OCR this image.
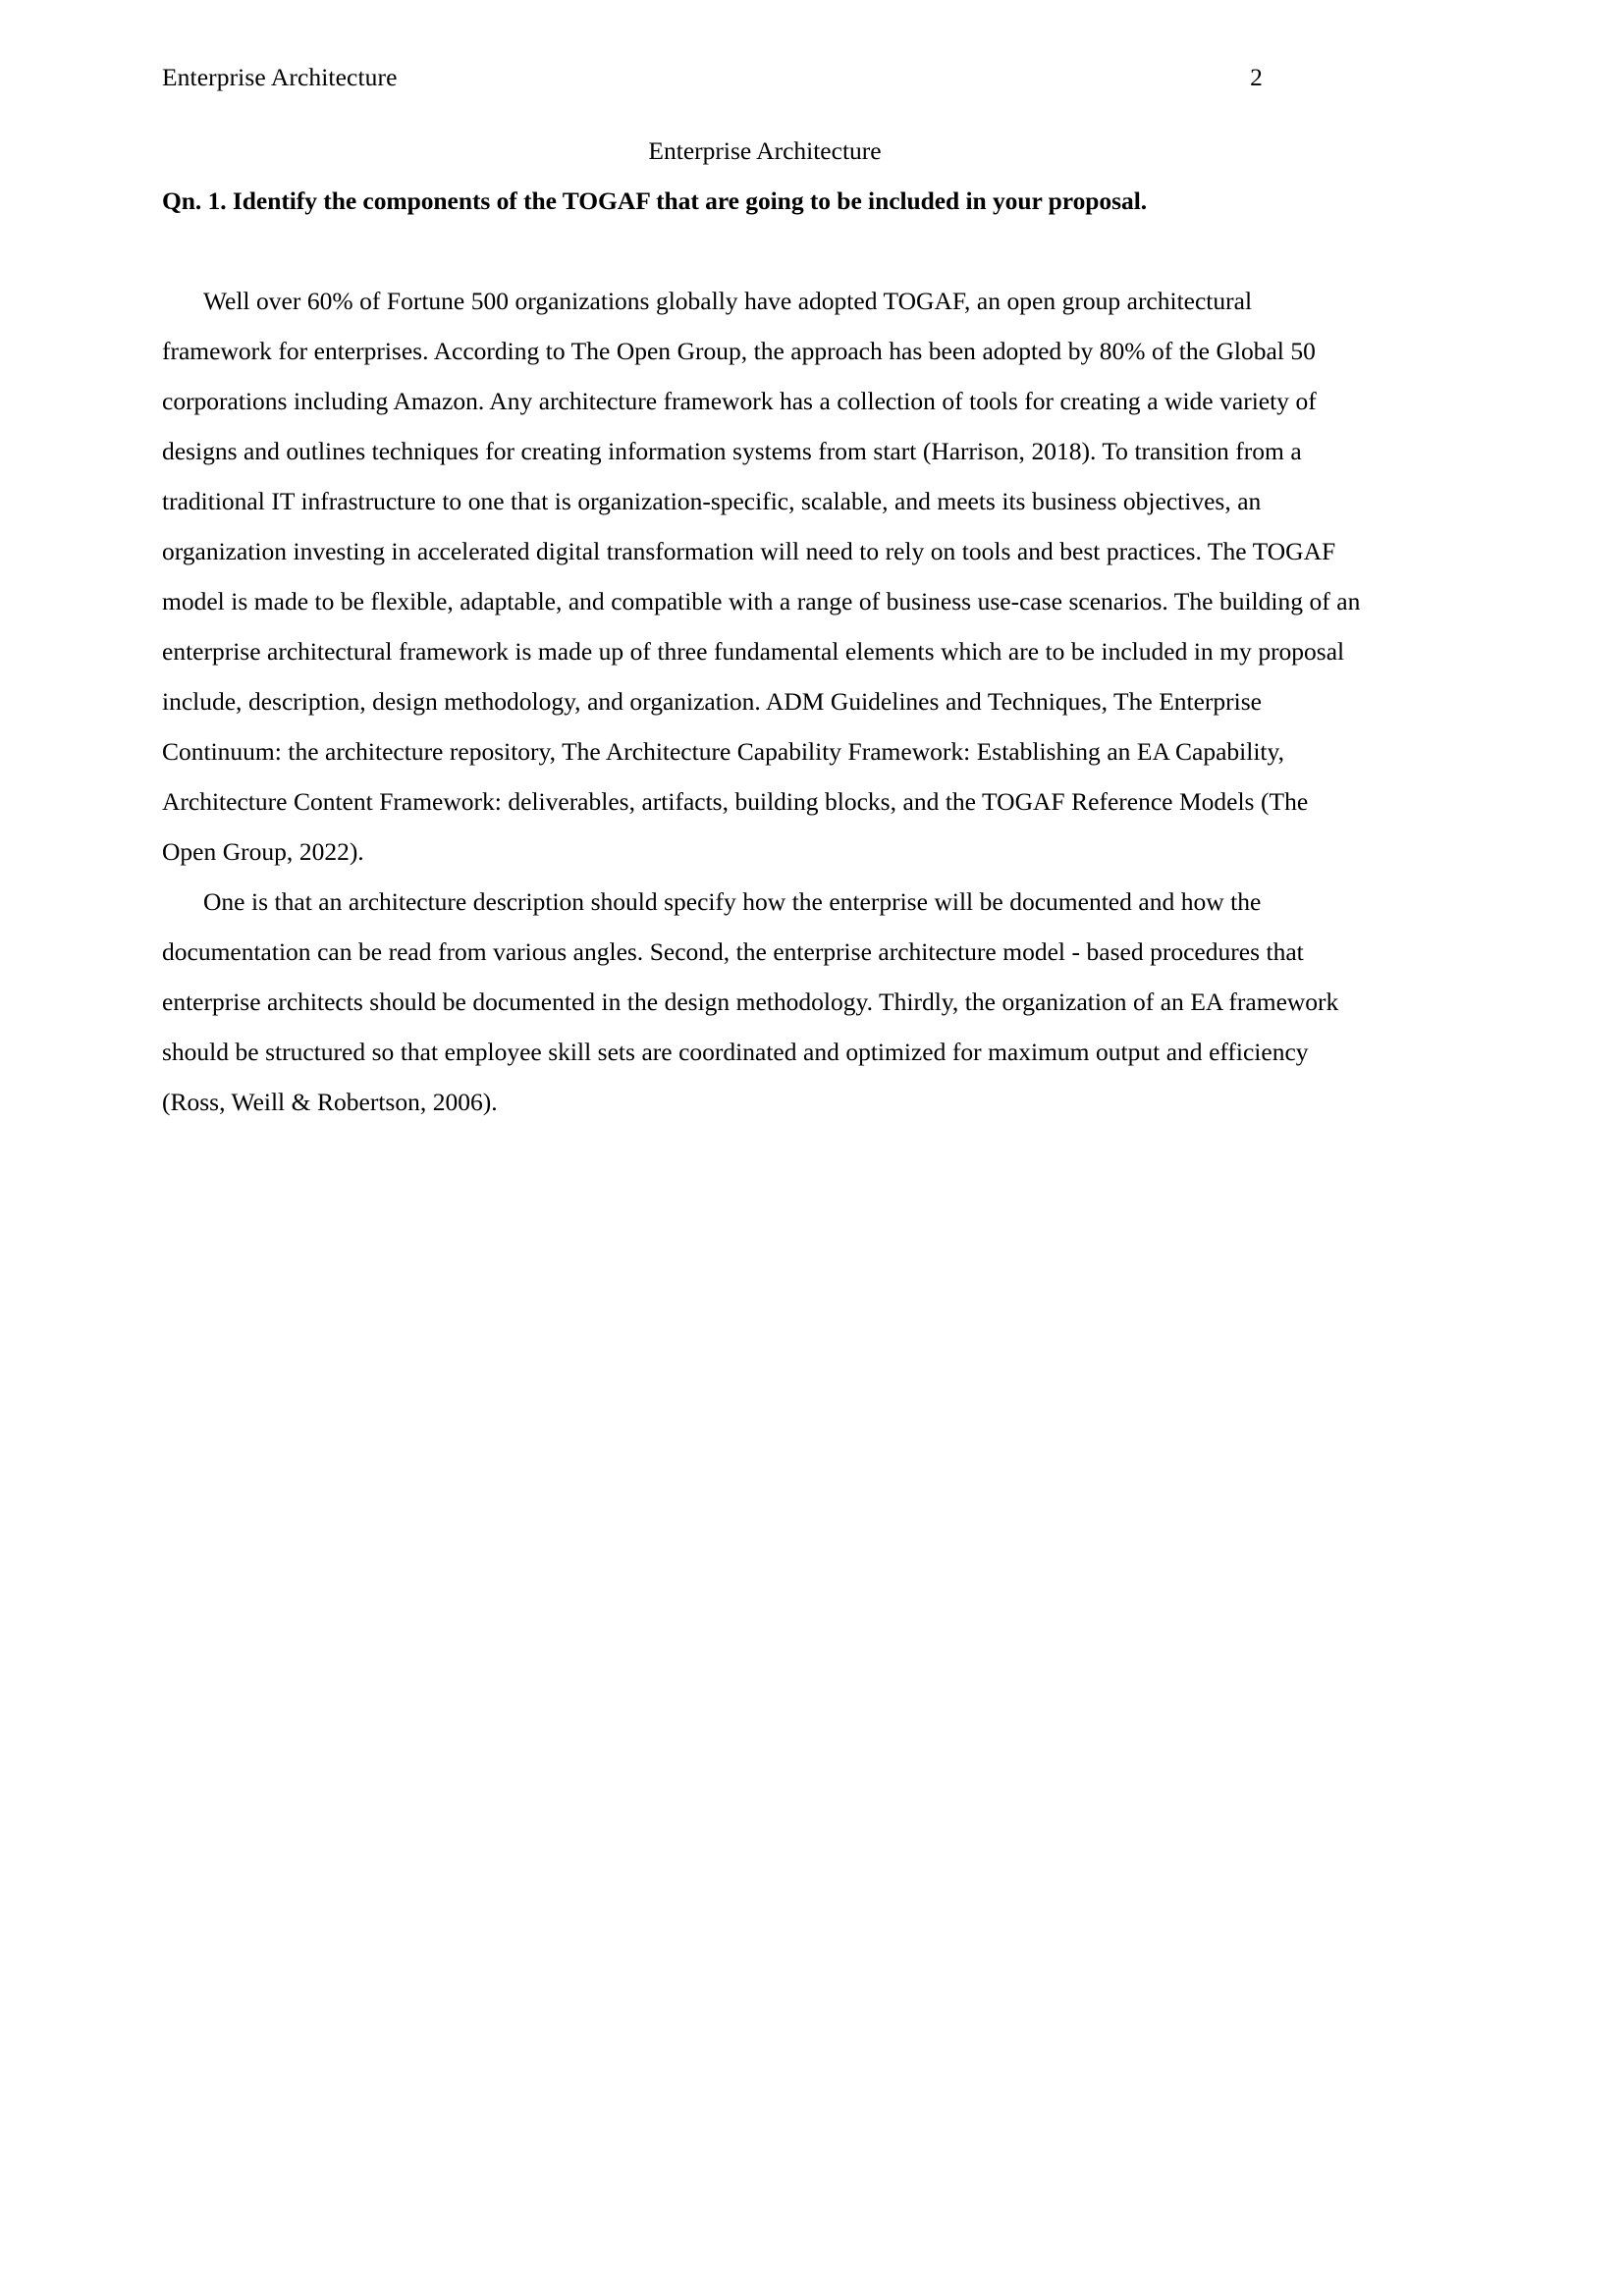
Enterprise Architecture	2
Enterprise Architecture
Qn. 1. Identify the components of the TOGAF that are going to be included in your proposal.

Well over 60% of Fortune 500 organizations globally have adopted TOGAF, an open group architectural framework for enterprises. According to The Open Group, the approach has been adopted by 80% of the Global 50 corporations including Amazon. Any architecture framework has a collection of tools for creating a wide variety of designs and outlines techniques for creating information systems from start (Harrison, 2018). To transition from a traditional IT infrastructure to one that is organization-specific, scalable, and meets its business objectives, an organization investing in accelerated digital transformation will need to rely on tools and best practices. The TOGAF model is made to be flexible, adaptable, and compatible with a range of business use-case scenarios. The building of an enterprise architectural framework is made up of three fundamental elements which are to be included in my proposal include, description, design methodology, and organization. ADM Guidelines and Techniques, The Enterprise Continuum: the architecture repository, The Architecture Capability Framework: Establishing an EA Capability, Architecture Content Framework: deliverables, artifacts, building blocks, and the TOGAF Reference Models (The Open Group, 2022).

One is that an architecture description should specify how the enterprise will be documented and how the documentation can be read from various angles. Second, the enterprise architecture model - based procedures that enterprise architects should be documented in the design methodology. Thirdly, the organization of an EA framework should be structured so that employee skill sets are coordinated and optimized for maximum output and efficiency (Ross, Weill & Robertson, 2006).
